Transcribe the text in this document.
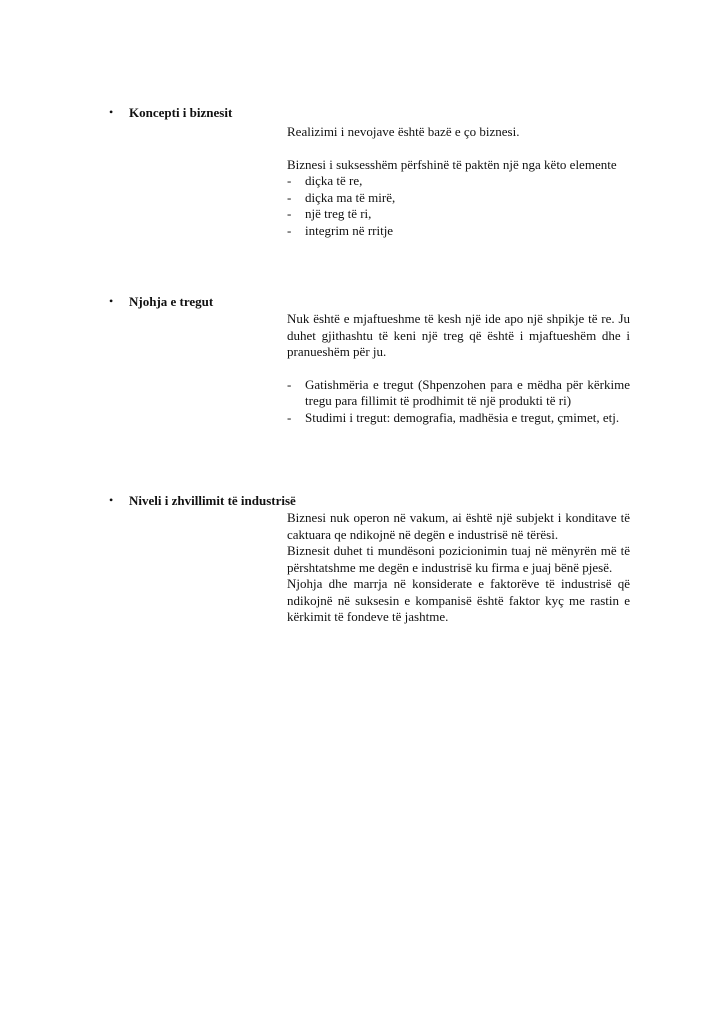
• Koncepti i biznesit

Realizimi i nevojave është bazë e ço biznesi.

Biznesi i suksesshëm përfshinë të paktën një nga këto elemente

- diçka të re,
- diçka ma të mirë,
- një treg të ri,
- integrim në rritje
• Njohja e tregut

Nuk është e mjaftueshme të kesh një ide apo një shpikje të re. Ju duhet gjithashtu të keni një treg që është i mjaftueshëm dhe i pranueshëm për ju.

- Gatishmëria e tregut (Shpenzohen para e mëdha për kërkime tregu para fillimit të prodhimit të një produkti të ri)
- Studimi i tregut: demografia, madhësia e tregut, çmimet, etj.
• Niveli i zhvillimit të industrisë

Biznesi nuk operon në vakum, ai është një subjekt i konditave të caktuara qe ndikojnë në degën e industrisë në tërësi.

Biznesit duhet ti mundësoni pozicionimin tuaj në mënyrën më të përshtatshme me degën e industrisë ku firma e juaj bënë pjesë.

Njohja dhe marrja në konsiderate e faktorëve të industrisë që ndikojnë në suksesin e kompanisë është faktor kyç me rastin e kërkimit të fondeve të jashtme.
